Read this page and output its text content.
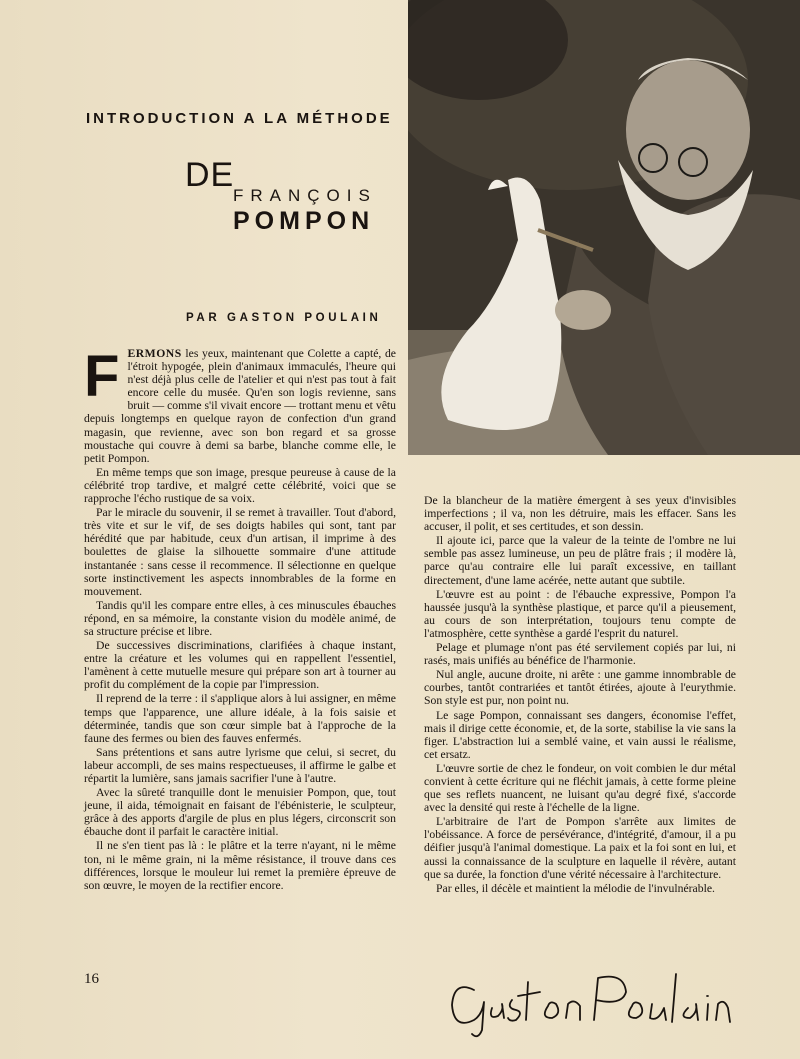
INTRODUCTION A LA MÉTHODE
DE
FRANÇOIS
POMPON
PAR GASTON POULAIN

FERMONS les yeux, maintenant que Colette a capté, de l'étroit hypogée, plein d'animaux immaculés, l'heure qui n'est déjà plus celle de l'atelier et qui n'est pas tout à fait encore celle du musée. Qu'en son logis revienne, sans bruit — comme s'il vivait encore — trottant menu et vêtu depuis longtemps en quelque rayon de confection d'un grand magasin, que revienne, avec son bon regard et sa grosse moustache qui couvre à demi sa barbe, blanche comme elle, le petit Pompon.

En même temps que son image, presque peureuse à cause de la célébrité trop tardive, et malgré cette célébrité, voici que se rapproche l'écho rustique de sa voix.

Par le miracle du souvenir, il se remet à travailler. Tout d'abord, très vite et sur le vif, de ses doigts habiles qui sont, tant par hérédité que par habitude, ceux d'un artisan, il imprime à des boulettes de glaise la silhouette sommaire d'une attitude instantanée : sans cesse il recommence. Il sélectionne en quelque sorte instinctivement les aspects innombrables de la forme en mouvement.

Tandis qu'il les compare entre elles, à ces minuscules ébauches répond, en sa mémoire, la constante vision du modèle animé, de sa structure précise et libre.

De successives discriminations, clarifiées à chaque instant, entre la créature et les volumes qui en rappellent l'essentiel, l'amènent à cette mutuelle mesure qui prépare son art à tourner au profit du complément de la copie par l'impression.

Il reprend de la terre : il s'applique alors à lui assigner, en même temps que l'apparence, une allure idéale, à la fois saisie et déterminée, tandis que son cœur simple bat à l'approche de la faune des fermes ou bien des fauves enfermés.

Sans prétentions et sans autre lyrisme que celui, si secret, du labeur accompli, de ses mains respectueuses, il affirme le galbe et répartit la lumière, sans jamais sacrifier l'une à l'autre.

Avec la sûreté tranquille dont le menuisier Pompon, que, tout jeune, il aida, témoignait en faisant de l'ébénisterie, le sculpteur, grâce à des apports d'argile de plus en plus légers, circonscrit son ébauche dont il parfait le caractère initial.

Il ne s'en tient pas là : le plâtre et la terre n'ayant, ni le même ton, ni le même grain, ni la même résistance, il trouve dans ces différences, lorsque le mouleur lui remet la première épreuve de son œuvre, le moyen de la rectifier encore.

De la blancheur de la matière émergent à ses yeux d'invisibles imperfections ; il va, non les détruire, mais les effacer. Sans les accuser, il polit, et ses certitudes, et son dessin.

Il ajoute ici, parce que la valeur de la teinte de l'ombre ne lui semble pas assez lumineuse, un peu de plâtre frais ; il modère là, parce qu'au contraire elle lui paraît excessive, en taillant directement, d'une lame acérée, nette autant que subtile.

L'œuvre est au point : de l'ébauche expressive, Pompon l'a haussée jusqu'à la synthèse plastique, et parce qu'il a pieusement, au cours de son interprétation, toujours tenu compte de l'atmosphère, cette synthèse a gardé l'esprit du naturel.

Pelage et plumage n'ont pas été servilement copiés par lui, ni rasés, mais unifiés au bénéfice de l'harmonie.

Nul angle, aucune droite, ni arête : une gamme innombrable de courbes, tantôt contrariées et tantôt étirées, ajoute à l'eurythmie. Son style est pur, non point nu.

Le sage Pompon, connaissant ses dangers, économise l'effet, mais il dirige cette économie, et, de la sorte, stabilise la vie sans la figer. L'abstraction lui a semblé vaine, et vain aussi le réalisme, cet ersatz.

L'œuvre sortie de chez le fondeur, on voit combien le dur métal convient à cette écriture qui ne fléchit jamais, à cette forme pleine que ses reflets nuancent, ne luisant qu'au degré fixé, s'accorde avec la densité qui reste à l'échelle de la ligne.

L'arbitraire de l'art de Pompon s'arrête aux limites de l'obéissance. A force de persévérance, d'intégrité, d'amour, il a pu déifier jusqu'à l'animal domestique. La paix et la foi sont en lui, et aussi la connaissance de la sculpture en laquelle il révère, autant que sa durée, la fonction d'une vérité nécessaire à l'architecture.

Par elles, il décèle et maintient la mélodie de l'invulnérable.

16
